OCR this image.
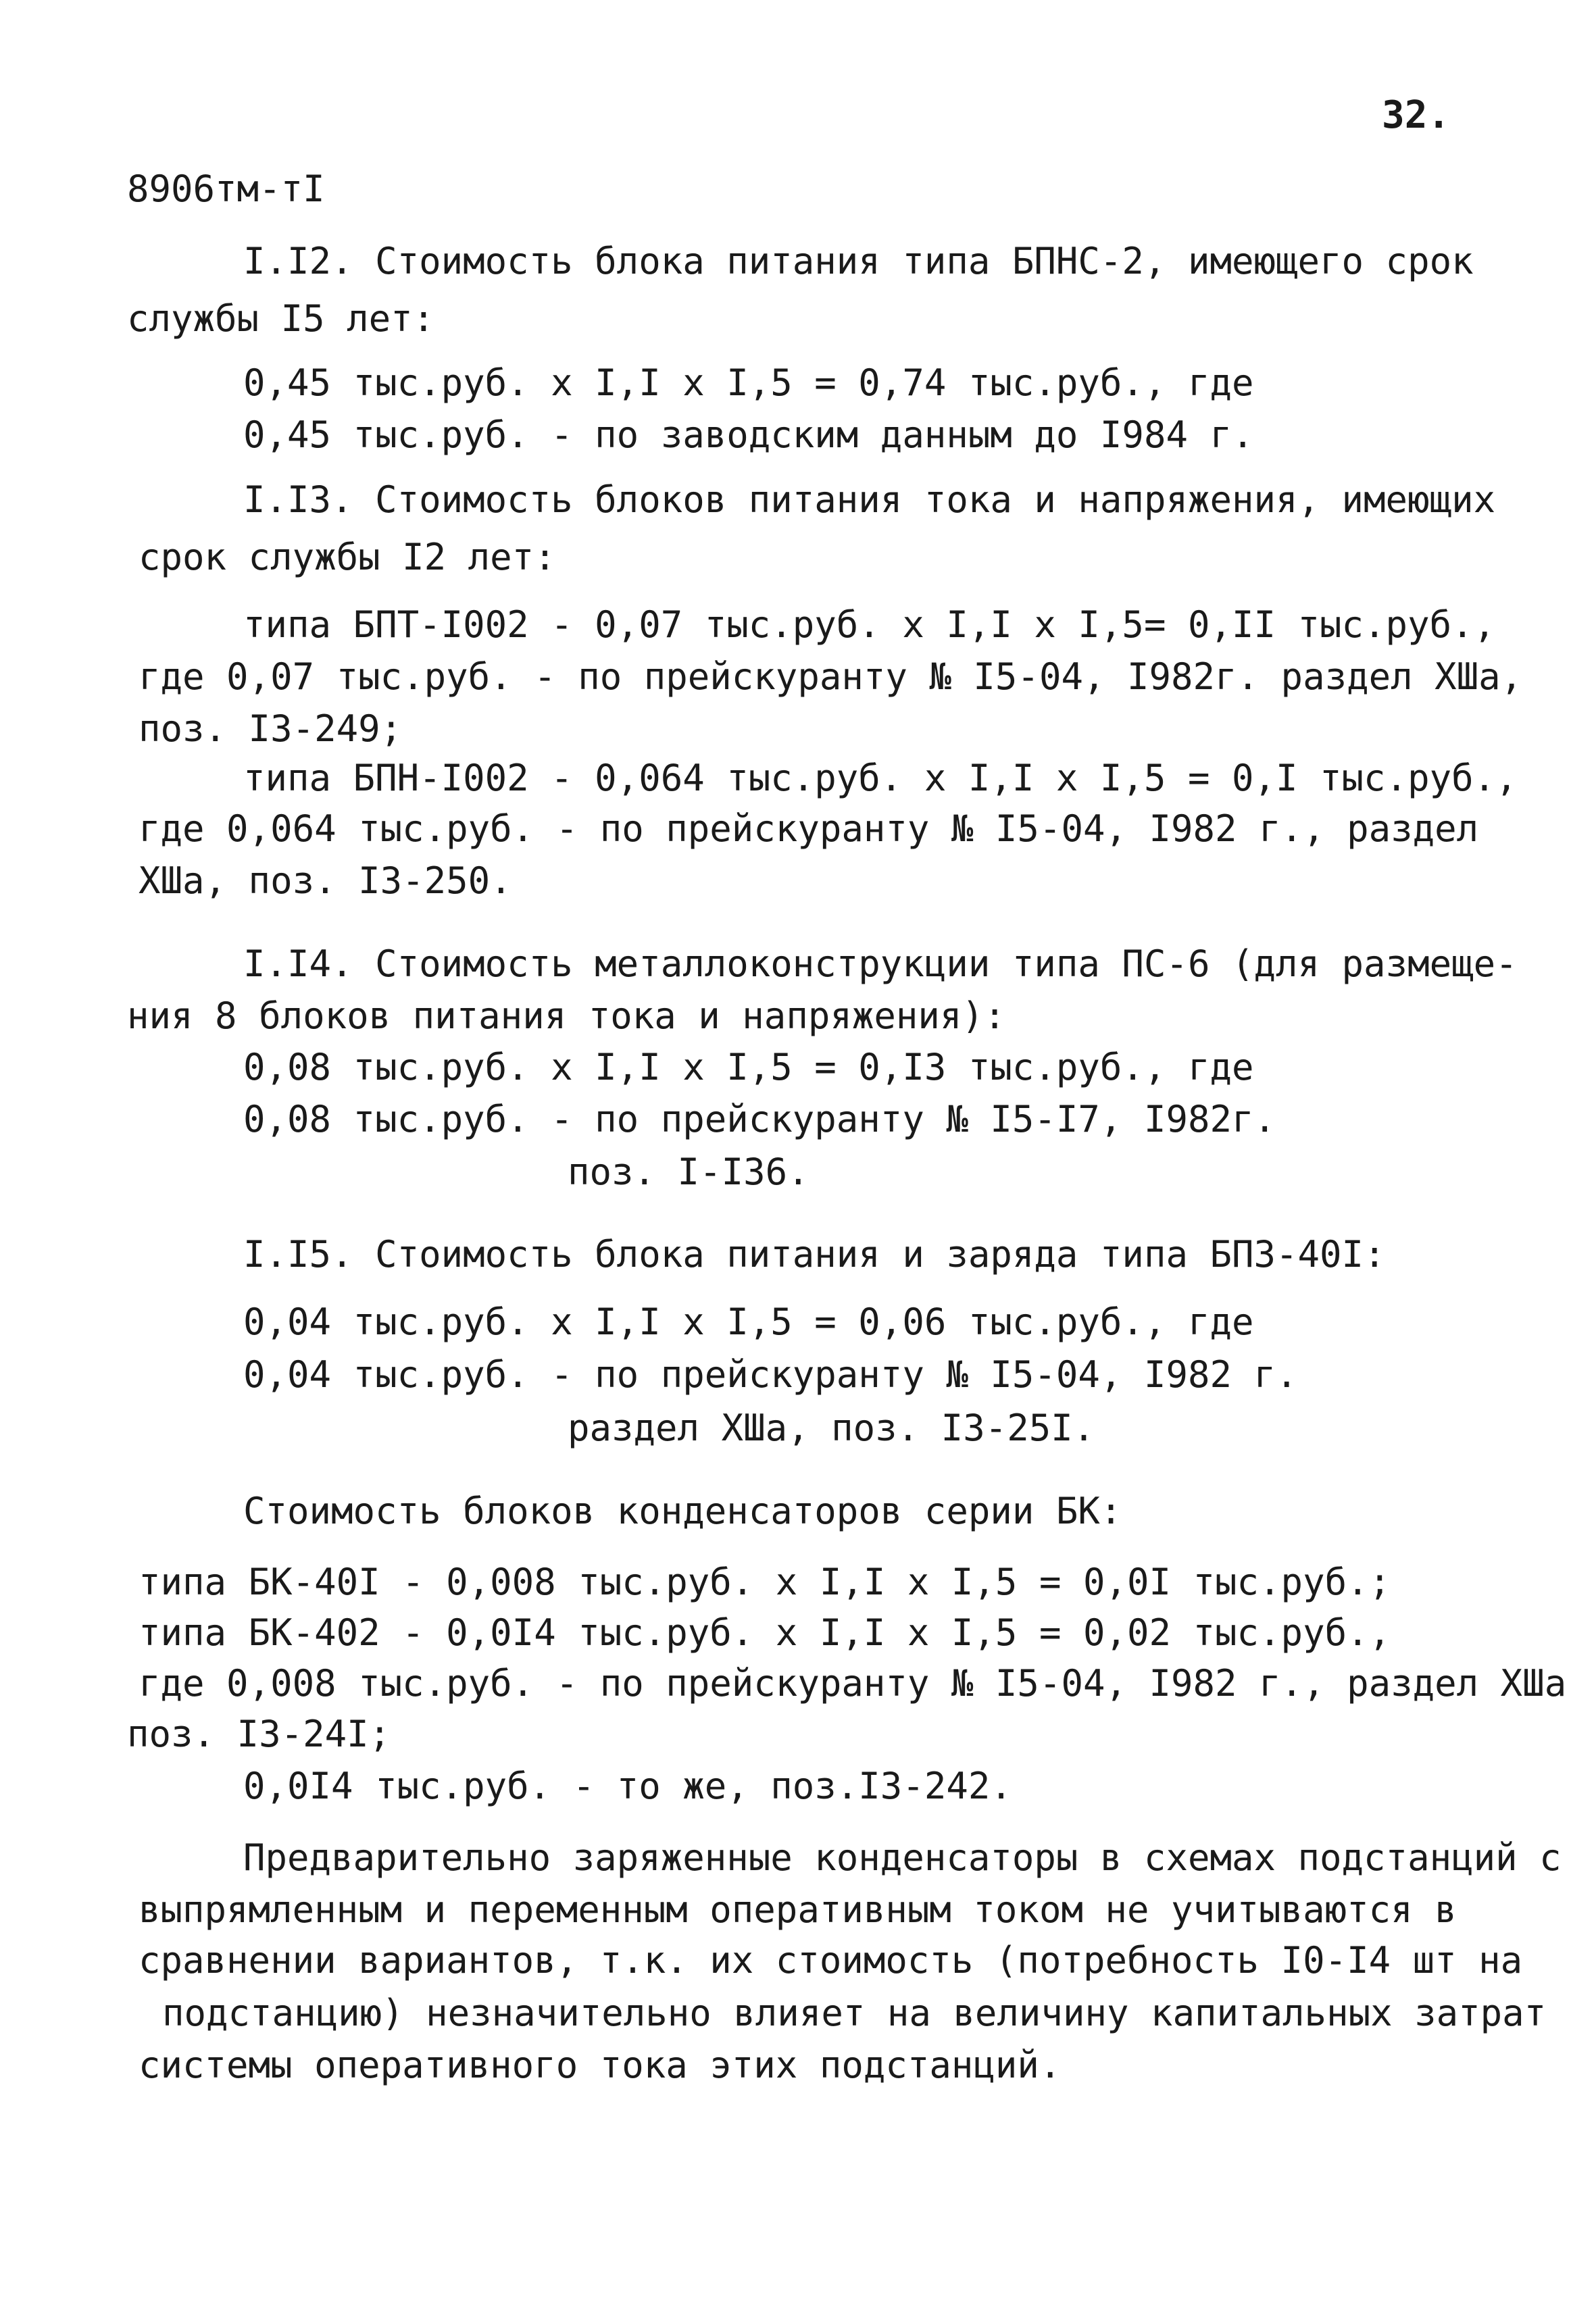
32.
8906тм-тI
I.I2. Стоимость блока питания типа БПНС-2, имеющего срок
службы I5 лет:
0,45 тыс.руб. х I,I х I,5 = 0,74 тыс.руб., где
0,45 тыс.руб. - по заводским данным до I984 г.
I.I3. Стоимость блоков питания тока и напряжения, имеющих
срок службы I2 лет:
типа БПТ-I002 - 0,07 тыс.руб. х I,I х I,5= 0,II тыс.руб.,
где 0,07 тыс.руб. - по прейскуранту № I5-04, I982г. раздел ХШа,
поз. I3-249;
типа БПН-I002 - 0,064 тыс.руб. х I,I х I,5 = 0,I тыс.руб.,
где 0,064 тыс.руб. - по прейскуранту № I5-04, I982 г., раздел
ХШа, поз. I3-250.
I.I4. Стоимость металлоконструкции типа ПС-6 (для размеще-
ния 8 блоков питания тока и напряжения):
0,08 тыс.руб. х I,I х I,5 = 0,I3 тыс.руб., где
0,08 тыс.руб. - по прейскуранту № I5-I7, I982г.
поз. I-I36.
I.I5. Стоимость блока питания и заряда типа БПЗ-40I:
0,04 тыс.руб. х I,I х I,5 = 0,06 тыс.руб., где
0,04 тыс.руб. - по прейскуранту № I5-04, I982 г.
раздел ХШа, поз. I3-25I.
Стоимость блоков конденсаторов серии БК:
типа БК-40I - 0,008 тыс.руб. х I,I х I,5 = 0,0I тыс.руб.;
типа БК-402 - 0,0I4 тыс.руб. х I,I х I,5 = 0,02 тыс.руб.,
где 0,008 тыс.руб. - по прейскуранту № I5-04, I982 г., раздел ХШа
поз. I3-24I;
0,0I4 тыс.руб. - то же, поз.I3-242.
Предварительно заряженные конденсаторы в схемах подстанций с
выпрямленным и переменным оперативным током не учитываются в
сравнении вариантов, т.к. их стоимость (потребность I0-I4 шт на
подстанцию) незначительно влияет на величину капитальных затрат
системы оперативного тока этих подстанций.
